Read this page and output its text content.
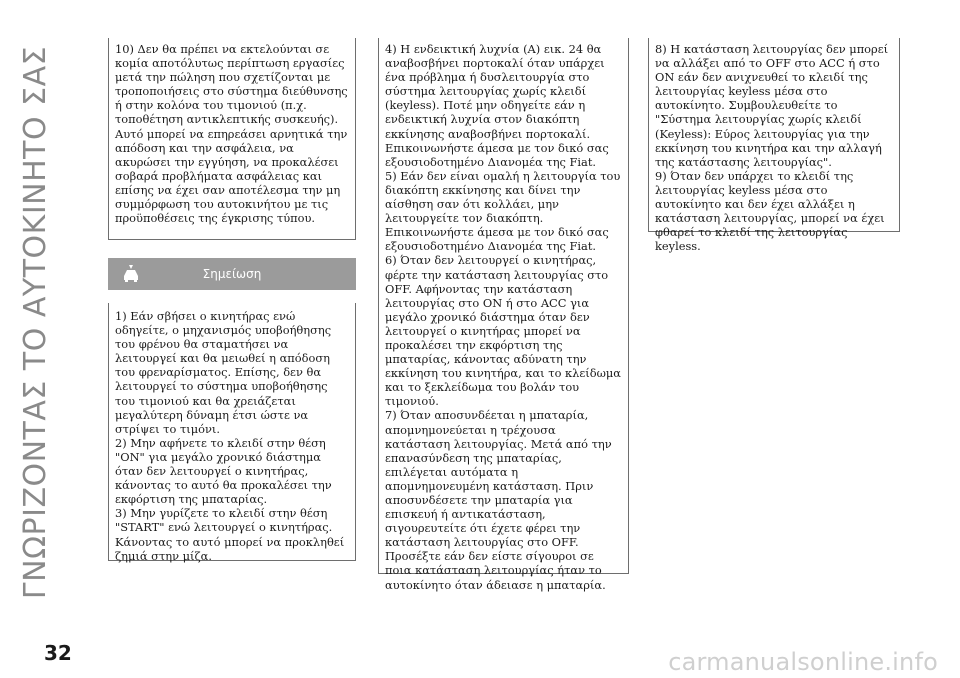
ΓΝΩΡΙΖΟΝΤΑΣ ΤΟ ΑΥΤΟΚΙΝΗΤΟ ΣΑΣ	10) Δεν θα πρέπει να εκτελούνται σε κομία αποτόλυτως περίπτωση εργασίες μετά την πώληση που σχετίζονται με τροποποιήσεις στο σύστημα διεύθυνσης ή στην κολόνα του τιμονιού (π.χ. τοποθέτηση αντικλεπτικής συσκευής). Αυτό μπορεί να επηρεάσει αρνητικά την απόδοση και την ασφάλεια, να ακυρώσει την εγγύηση, να προκαλέσει σοβαρά προβλήματα ασφάλειας και επίσης να έχει σαν αποτέλεσμα την μη συμμόρφωση του αυτοκινήτου με τις προϋποθέσεις της έγκρισης τύπου.

Σημείωση

1) Εάν σβήσει ο κινητήρας ενώ οδηγείτε, ο μηχανισμός υποβοήθησης του φρένου θα σταματήσει να λειτουργεί και θα μειωθεί η απόδοση του φρεναρίσματος. Επίσης, δεν θα λειτουργεί το σύστημα υποβοήθησης του τιμονιού και θα χρειάζεται μεγαλύτερη δύναμη έτσι ώστε να στρίψει το τιμόνι.

2) Μην αφήνετε το κλειδί στην θέση "ON" για μεγάλο χρονικό διάστημα όταν δεν λειτουργεί ο κινητήρας, κάνοντας το αυτό θα προκαλέσει την εκφόρτιση της μπαταρίας.

3) Μην γυρίζετε το κλειδί στην θέση "START" ενώ λειτουργεί ο κινητήρας. Κάνοντας το αυτό μπορεί να προκληθεί ζημιά στην μίζα.

4) Η ενδεικτική λυχνία (A) εικ. 24 θα αναβοσβήνει πορτοκαλί όταν υπάρχει ένα πρόβλημα ή δυσλειτουργία στο σύστημα λειτουργίας χωρίς κλειδί (keyless). Ποτέ μην οδηγείτε εάν η ενδεικτική λυχνία στον διακόπτη εκκίνησης αναβοσβήνει πορτοκαλί. Επικοινωνήστε άμεσα με τον δικό σας εξουσιοδοτημένο Διανομέα της Fiat.

5) Εάν δεν είναι ομαλή η λειτουργία του διακόπτη εκκίνησης και δίνει την αίσθηση σαν ότι κολλάει, μην λειτουργείτε τον διακόπτη. Επικοινωνήστε άμεσα με τον δικό σας εξουσιοδοτημένο Διανομέα της Fiat.

6) Όταν δεν λειτουργεί ο κινητήρας, φέρτε την κατάσταση λειτουργίας στο OFF. Αφήνοντας την κατάσταση λειτουργίας στο ON ή στο ACC για μεγάλο χρονικό διάστημα όταν δεν λειτουργεί ο κινητήρας μπορεί να προκαλέσει την εκφόρτιση της μπαταρίας, κάνοντας αδύνατη την εκκίνηση του κινητήρα, και το κλείδωμα και το ξεκλείδωμα του βολάν του τιμονιού.

7) Όταν αποσυνδέεται η μπαταρία, απομνημονεύεται η τρέχουσα κατάσταση λειτουργίας. Μετά από την επανασύνδεση της μπαταρίας, επιλέγεται αυτόματα η απομνημονευμένη κατάσταση. Πριν αποσυνδέσετε την μπαταρία για επισκευή ή αντικατάσταση, σιγουρευτείτε ότι έχετε φέρει την κατάσταση λειτουργίας στο OFF. Προσέξτε εάν δεν είστε σίγουροι σε ποια κατάσταση λειτουργίας ήταν το αυτοκίνητο όταν άδειασε η μπαταρία.

8) Η κατάσταση λειτουργίας δεν μπορεί να αλλάξει από το OFF στο ACC ή στο ON εάν δεν ανιχνευθεί το κλειδί της λειτουργίας keyless μέσα στο αυτοκίνητο. Συμβουλευθείτε το "Σύστημα λειτουργίας χωρίς κλειδί (Keyless): Εύρος λειτουργίας για την εκκίνηση του κινητήρα και την αλλαγή της κατάστασης λειτουργίας".

9) Όταν δεν υπάρχει το κλειδί της λειτουργίας keyless μέσα στο αυτοκίνητο και δεν έχει αλλάξει η κατάσταση λειτουργίας, μπορεί να έχει φθαρεί το κλειδί της λειτουργίας keyless.

32	carmanualsonline.info
